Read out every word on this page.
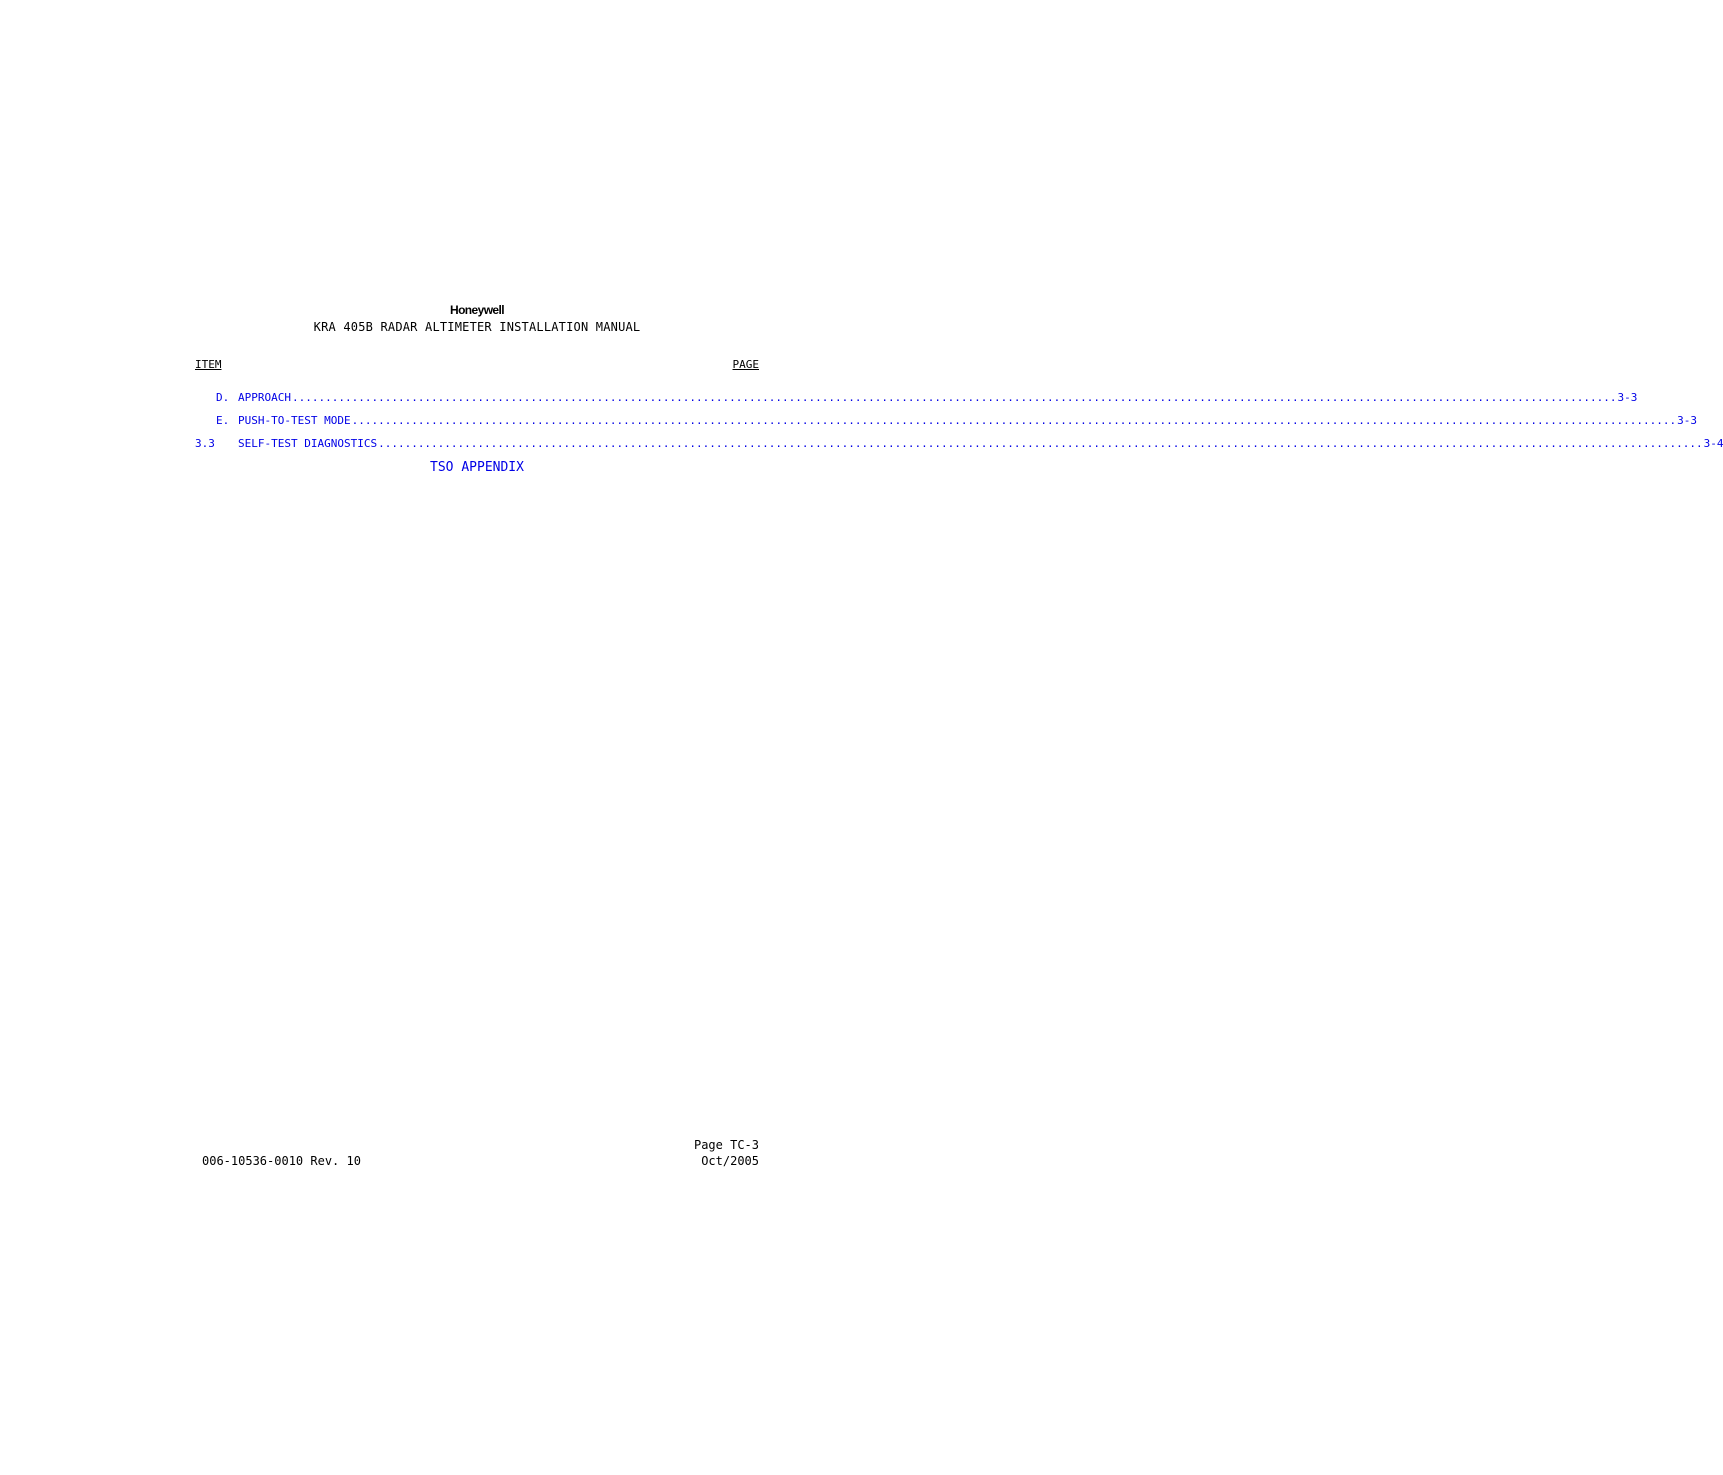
Honeywell
KRA 405B RADAR ALTIMETER INSTALLATION MANUAL
ITEM	PAGE
D. APPROACH ........................................................................................................................................................................................................ 3-3
E. PUSH-TO-TEST MODE ........................................................................................................................................................................................................ 3-3
3.3 SELF-TEST DIAGNOSTICS ........................................................................................................................................................................................................ 3-4
TSO APPENDIX
Page TC-3
006-10536-0010 Rev. 10	Oct/2005
